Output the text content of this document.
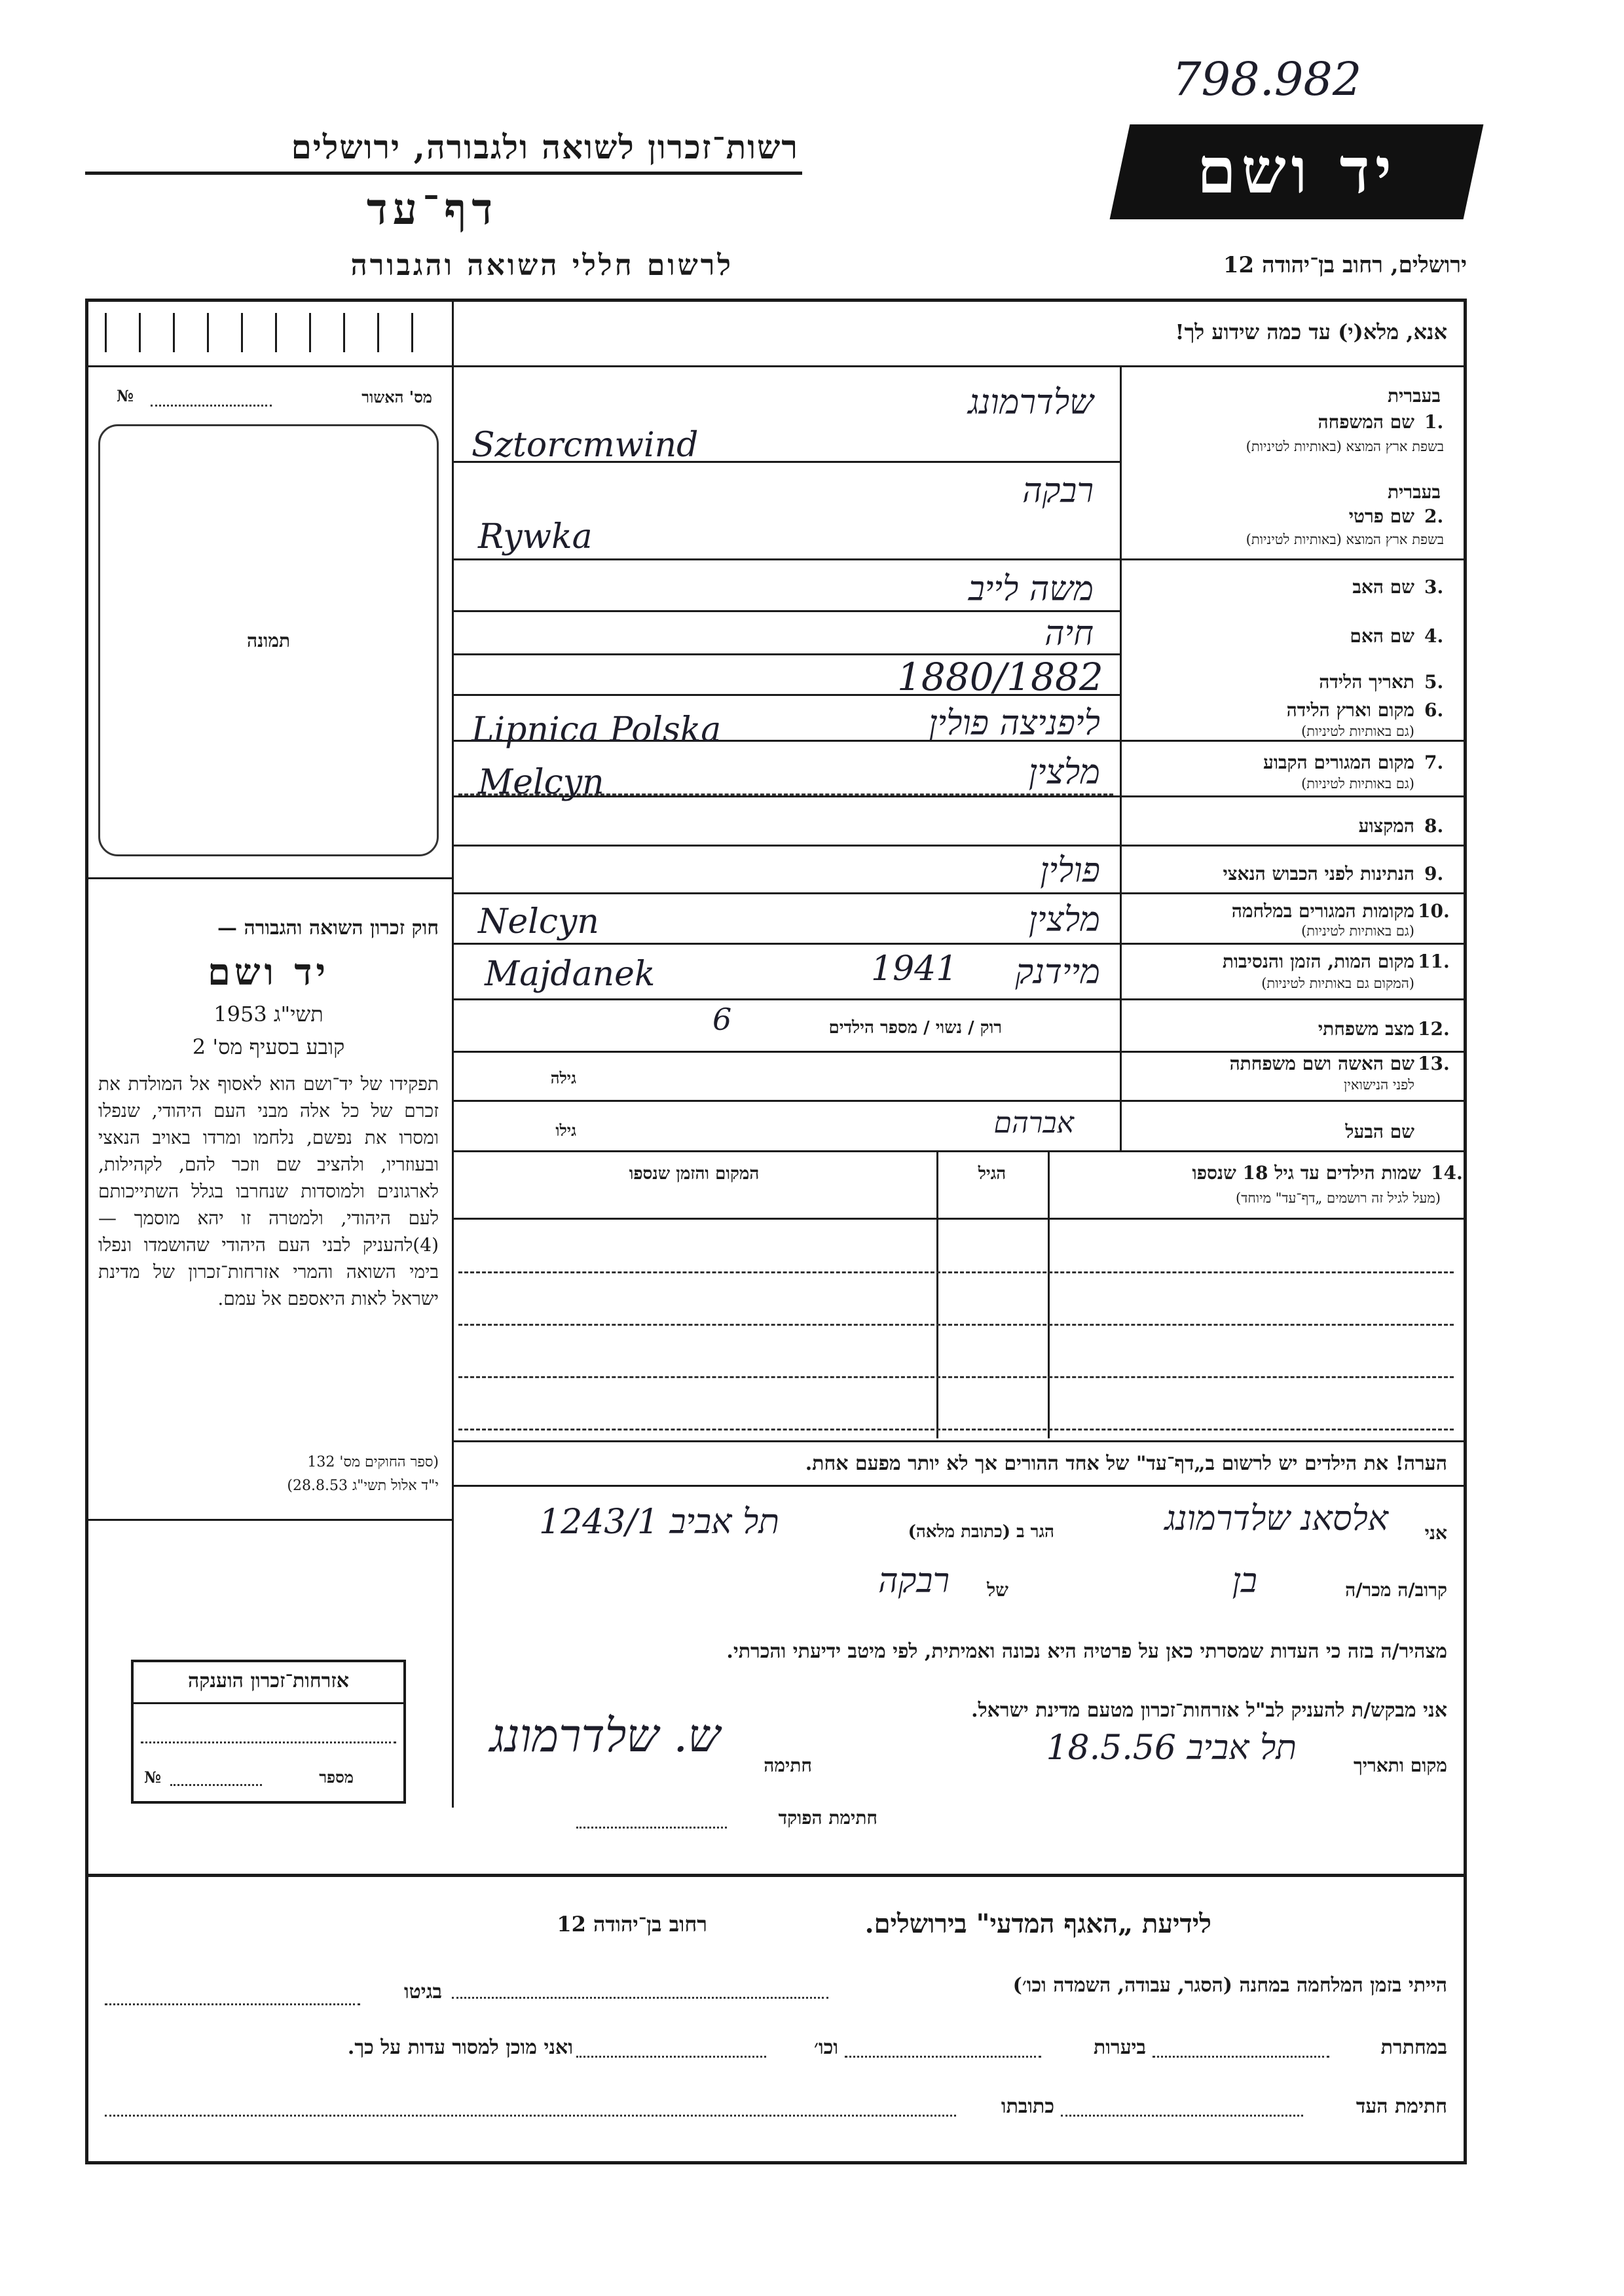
798.982
רשות־זכרון לשואה ולגבורה, ירושלים
דף־עד
לרשום חללי השואה והגבורה
יד ושם
ירושלים, רחוב בן־יהודה 12
אנא, מלא(י) עד כמה שידוע לך!
מס' האשור
№
תמונה
חוק זכרון השואה והגבורה —
יד ושם
תשי"ג 1953
קובע בסעיף מס' 2
תפקידו של יד־ושם הוא לאסוף אל המולדת את זכרם של כל אלה מבני העם היהודי, שנפלו ומסרו את נפשם, נלחמו ומרדו באויב הנאצי ובעוזריו, ולהציב שם וזכר להם, לקהילות, לארגונים ולמוסדות שנחרבו בגלל השתייכותם לעם היהודי, ולמטרה זו יהא מוסמך — (4)להעניק לבני העם היהודי שהושמדו ונפלו בימי השואה והמרי אזרחות־זכרון של מדינת ישראל לאות היאספם אל עמם.
(ספר החוקים מס' 132
י"ד אלול תשי"ג 28.8.53)
בעברית
שם המשפחה 1.
בשפת ארץ המוצא (באותיות לטיניות)
שלדרמונג
Sztorcmwind
בעברית
שם פרטי 2.
בשפת ארץ המוצא (באותיות לטיניות)
רבקה
Rywka
שם האב 3.
משה לייב
שם האם 4.
חיה
תאריך הלידה 5.
1880/1882
מקום וארץ הלידה 6.
(גם באותיות לטיניות)
ליפניצה פולין
Lipnica Polska
מקום המגורים הקבוע 7.
(גם באותיות לטיניות)
מלצין
Melcyn
המקצוע 8.
הנתינות לפני הכבוש הנאצי 9.
פולין
מקומות המגורים במלחמה 10.
(גם באותיות לטיניות)
מלצין
Nelcyn
מקום המות, הזמן והנסיבות 11.
(המקום גם באותיות לטיניות)
מיידנק
1941
Majdanek
מצב משפחתי 12.
רוק / נשוי / מספר הילדים
6
שם האשה ושם משפחתה 13.
לפני הנישואין
גילה
שם הבעל
גילו	אברהם
שמות הילדים עד גיל 18 שנספו 14.
(מעל לגיל זה רושמים „דף־עד" מיוחד)
הגיל
המקום והזמן שנספו
הערה! את הילדים יש לרשום ב„דף־עד" של אחד ההורים אך לא יותר מפעם אחת.
אני
אלסאנ שלדרמונג
הגר ב (כתובת מלאה)
תל אביב 1243/1
קרוב/ה מכר/ה
בן
של
רבקה
מצהיר/ה בזה כי העדות שמסרתי כאן על פרטיה היא נכונה ואמיתית, לפי מיטב ידיעתי והכרתי.
אני מבקש/ת להעניק לב"ל אזרחות־זכרון מטעם מדינת ישראל.
מקום ותאריך
תל אביב 18.5.56
חתימה
ש. שלדרמונג
חתימת הפוקד
אזרחות־זכרון הוענקה
מספר
№
לידיעת „האגף המדעי" בירושלים.
רחוב בן־יהודה 12
הייתי בזמן המלחמה במחנה (הסגר, עבודה, השמדה וכו׳)
בגיטו
במחתרת
ביערות
וכו׳
ואני מוכן למסור עדות על כך.
חתימת העד
כתובתו
